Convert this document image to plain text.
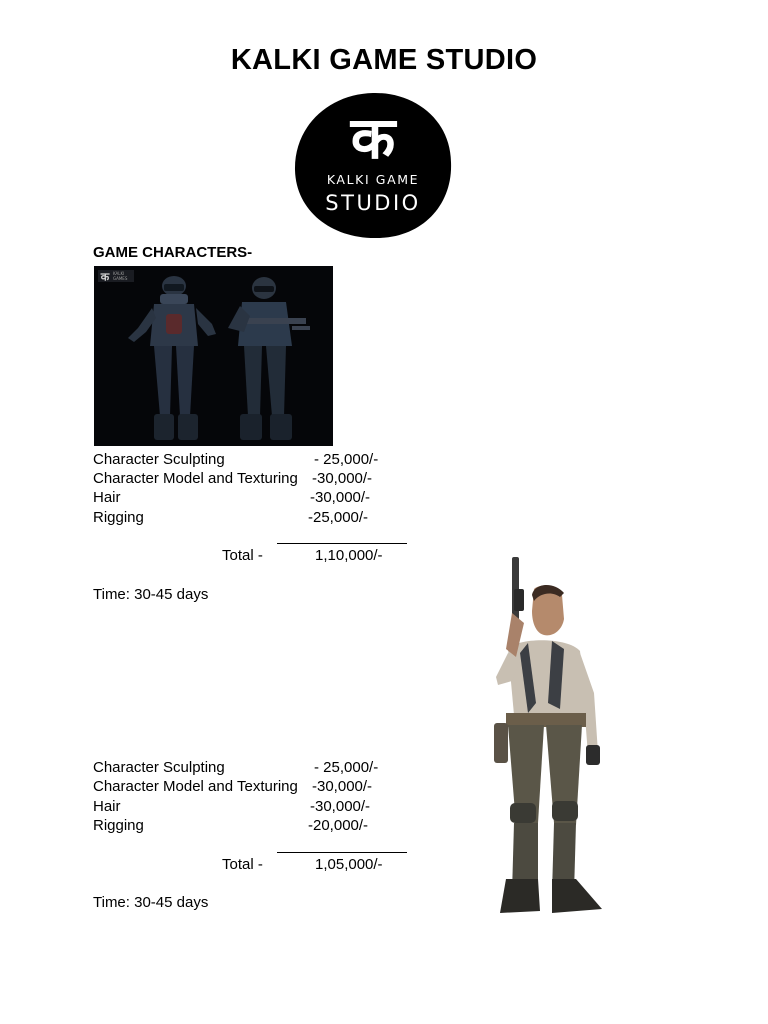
KALKI GAME STUDIO
क
KALKI GAME
STUDIO
GAME CHARACTERS-
क KALKI
GAMES
Character Sculpting	- 25,000/-
Character Model and Texturing -30,000/-
Hair	-30,000/-
Rigging	-25,000/-
Total -	1,10,000/-
Time: 30-45 days
Character Sculpting	- 25,000/-
Character Model and Texturing -30,000/-
Hair	-30,000/-
Rigging	-20,000/-
Total -	1,05,000/-
Time: 30-45 days
